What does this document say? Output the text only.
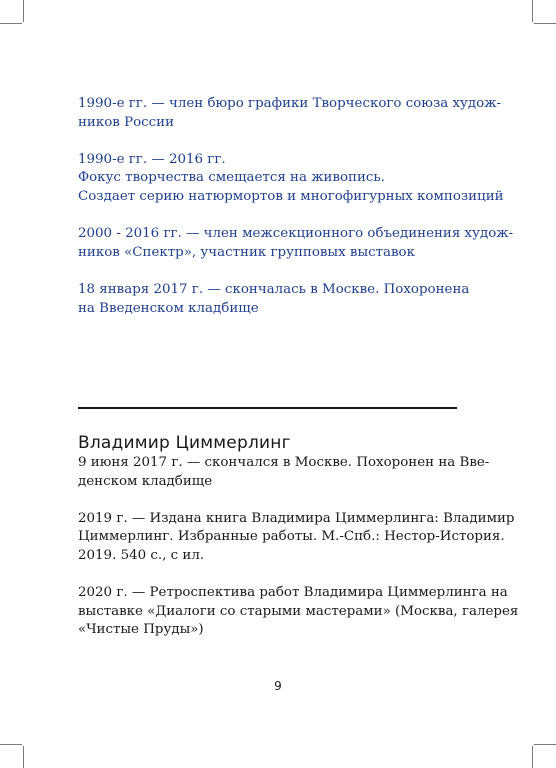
1990-е гг. — член бюро графики Творческого союза худож-
ников России
1990-е гг. — 2016 гг.
Фокус творчества смещается на живопись.
Создает серию натюрмортов и многофигурных композиций
2000 - 2016 гг. — член межсекционного объединения худож-
ников «Спектр», участник групповых выставок
18 января 2017 г. — скончалась в Москве. Похоронена
на Введенском кладбище
Владимир Циммерлинг
9 июня 2017 г. — скончался в Москве. Похоронен на Вве-
денском кладбище
2019 г. — Издана книга Владимира Циммерлинга: Владимир
Циммерлинг. Избранные работы. М.-Спб.: Нестор-История.
2019. 540 с., с ил.
2020 г. — Ретроспектива работ Владимира Циммерлинга на
выставке «Диалоги со старыми мастерами» (Москва, галерея
«Чистые Пруды»)
9
